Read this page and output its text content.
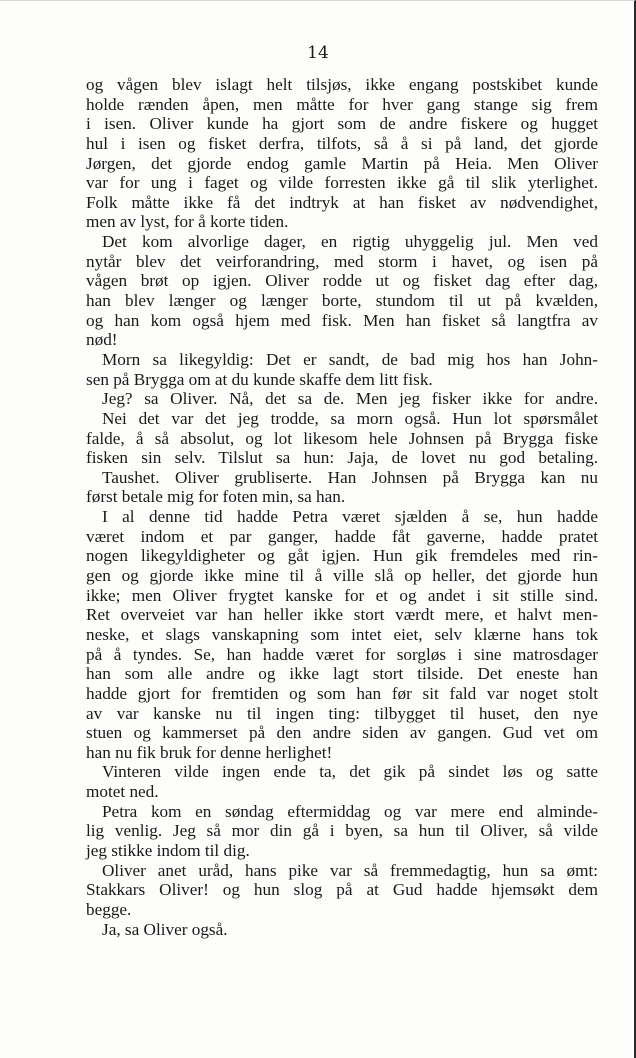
14
og vågen blev islagt helt tilsjøs, ikke engang postskibet kunde
holde rænden åpen, men måtte for hver gang stange sig frem
i isen. Oliver kunde ha gjort som de andre fiskere og hugget
hul i isen og fisket derfra, tilfots, så å si på land, det gjorde
Jørgen, det gjorde endog gamle Martin på Heia. Men Oliver
var for ung i faget og vilde forresten ikke gå til slik yterlighet.
Folk måtte ikke få det indtryk at han fisket av nødvendighet,
men av lyst, for å korte tiden.
Det kom alvorlige dager, en rigtig uhyggelig jul. Men ved
nytår blev det veirforandring, med storm i havet, og isen på
vågen brøt op igjen. Oliver rodde ut og fisket dag efter dag,
han blev længer og længer borte, stundom til ut på kvælden,
og han kom også hjem med fisk. Men han fisket så langtfra av
nød!
Morn sa likegyldig: Det er sandt, de bad mig hos han John-
sen på Brygga om at du kunde skaffe dem litt fisk.
Jeg? sa Oliver. Nå, det sa de. Men jeg fisker ikke for andre.
Nei det var det jeg trodde, sa morn også. Hun lot spørsmålet
falde, å så absolut, og lot likesom hele Johnsen på Brygga fiske
fisken sin selv. Tilslut sa hun: Jaja, de lovet nu god betaling.
Taushet. Oliver grubliserte. Han Johnsen på Brygga kan nu
først betale mig for foten min, sa han.
I al denne tid hadde Petra været sjælden å se, hun hadde
været indom et par ganger, hadde fåt gaverne, hadde pratet
nogen likegyldigheter og gåt igjen. Hun gik fremdeles med rin-
gen og gjorde ikke mine til å ville slå op heller, det gjorde hun
ikke; men Oliver frygtet kanske for et og andet i sit stille sind.
Ret overveiet var han heller ikke stort værdt mere, et halvt men-
neske, et slags vanskapning som intet eiet, selv klærne hans tok
på å tyndes. Se, han hadde været for sorgløs i sine matrosdager
han som alle andre og ikke lagt stort tilside. Det eneste han
hadde gjort for fremtiden og som han før sit fald var noget stolt
av var kanske nu til ingen ting: tilbygget til huset, den nye
stuen og kammerset på den andre siden av gangen. Gud vet om
han nu fik bruk for denne herlighet!
Vinteren vilde ingen ende ta, det gik på sindet løs og satte
motet ned.
Petra kom en søndag eftermiddag og var mere end alminde-
lig venlig. Jeg så mor din gå i byen, sa hun til Oliver, så vilde
jeg stikke indom til dig.
Oliver anet uråd, hans pike var så fremmedagtig, hun sa ømt:
Stakkars Oliver! og hun slog på at Gud hadde hjemsøkt dem
begge.
Ja, sa Oliver også.
